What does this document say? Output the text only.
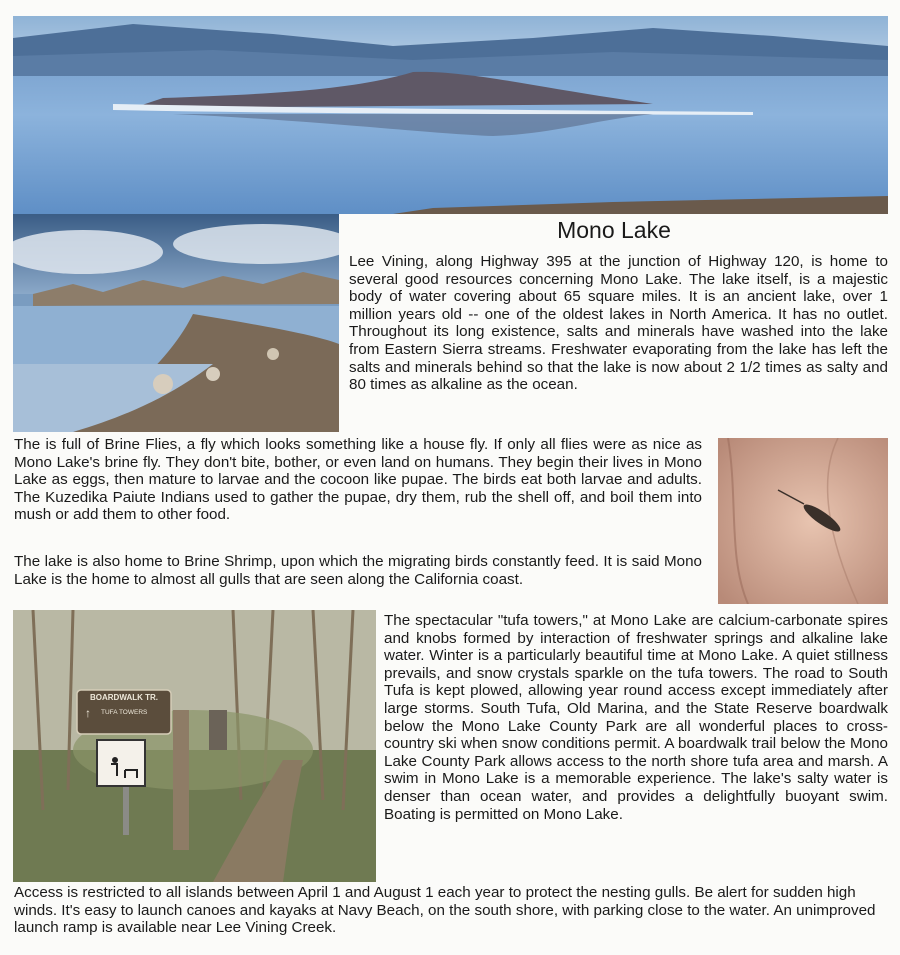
BOARDWALK TR.
↑ TUFA TOWERS
Mono Lake

Lee Vining, along Highway 395 at the junction of Highway 120, is home to several good resources concerning Mono Lake. The lake itself, is a majestic body of water covering about 65 square miles. It is an ancient lake, over 1 million years old -- one of the oldest lakes in North America. It has no outlet. Throughout its long existence, salts and minerals have washed into the lake from Eastern Sierra streams. Freshwater evaporating from the lake has left the salts and minerals behind so that the lake is now about 2 1/2 times as salty and 80 times as alkaline as the ocean.

The is full of Brine Flies, a fly which looks something like a house fly. If only all flies were as nice as Mono Lake's brine fly. They don't bite, bother, or even land on humans. They begin their lives in Mono Lake as eggs, then mature to larvae and the cocoon like pupae. The birds eat both larvae and adults. The Kuzedika Paiute Indians used to gather the pupae, dry them, rub the shell off, and boil them into mush or add them to other food.

The lake is also home to Brine Shrimp, upon which the migrating birds constantly feed. It is said Mono Lake is the home to almost all gulls that are seen along the California coast.

The spectacular "tufa towers," at Mono Lake are calcium-carbonate spires and knobs formed by interaction of freshwater springs and alkaline lake water. Winter is a particularly beautiful time at Mono Lake. A quiet stillness prevails, and snow crystals sparkle on the tufa towers. The road to South Tufa is kept plowed, allowing year round access except immediately after large storms. South Tufa, Old Marina, and the State Reserve boardwalk below the Mono Lake County Park are all wonderful places to cross-country ski when snow conditions permit. A boardwalk trail below the Mono Lake County Park allows access to the north shore tufa area and marsh. A swim in Mono Lake is a memorable experience. The lake's salty water is denser than ocean water, and provides a delightfully buoyant swim. Boating is permitted on Mono Lake.

Access is restricted to all islands between April 1 and August 1 each year to protect the nesting gulls. Be alert for sudden high winds. It's easy to launch canoes and kayaks at Navy Beach, on the south shore, with parking close to the water. An unimproved launch ramp is available near Lee Vining Creek.
